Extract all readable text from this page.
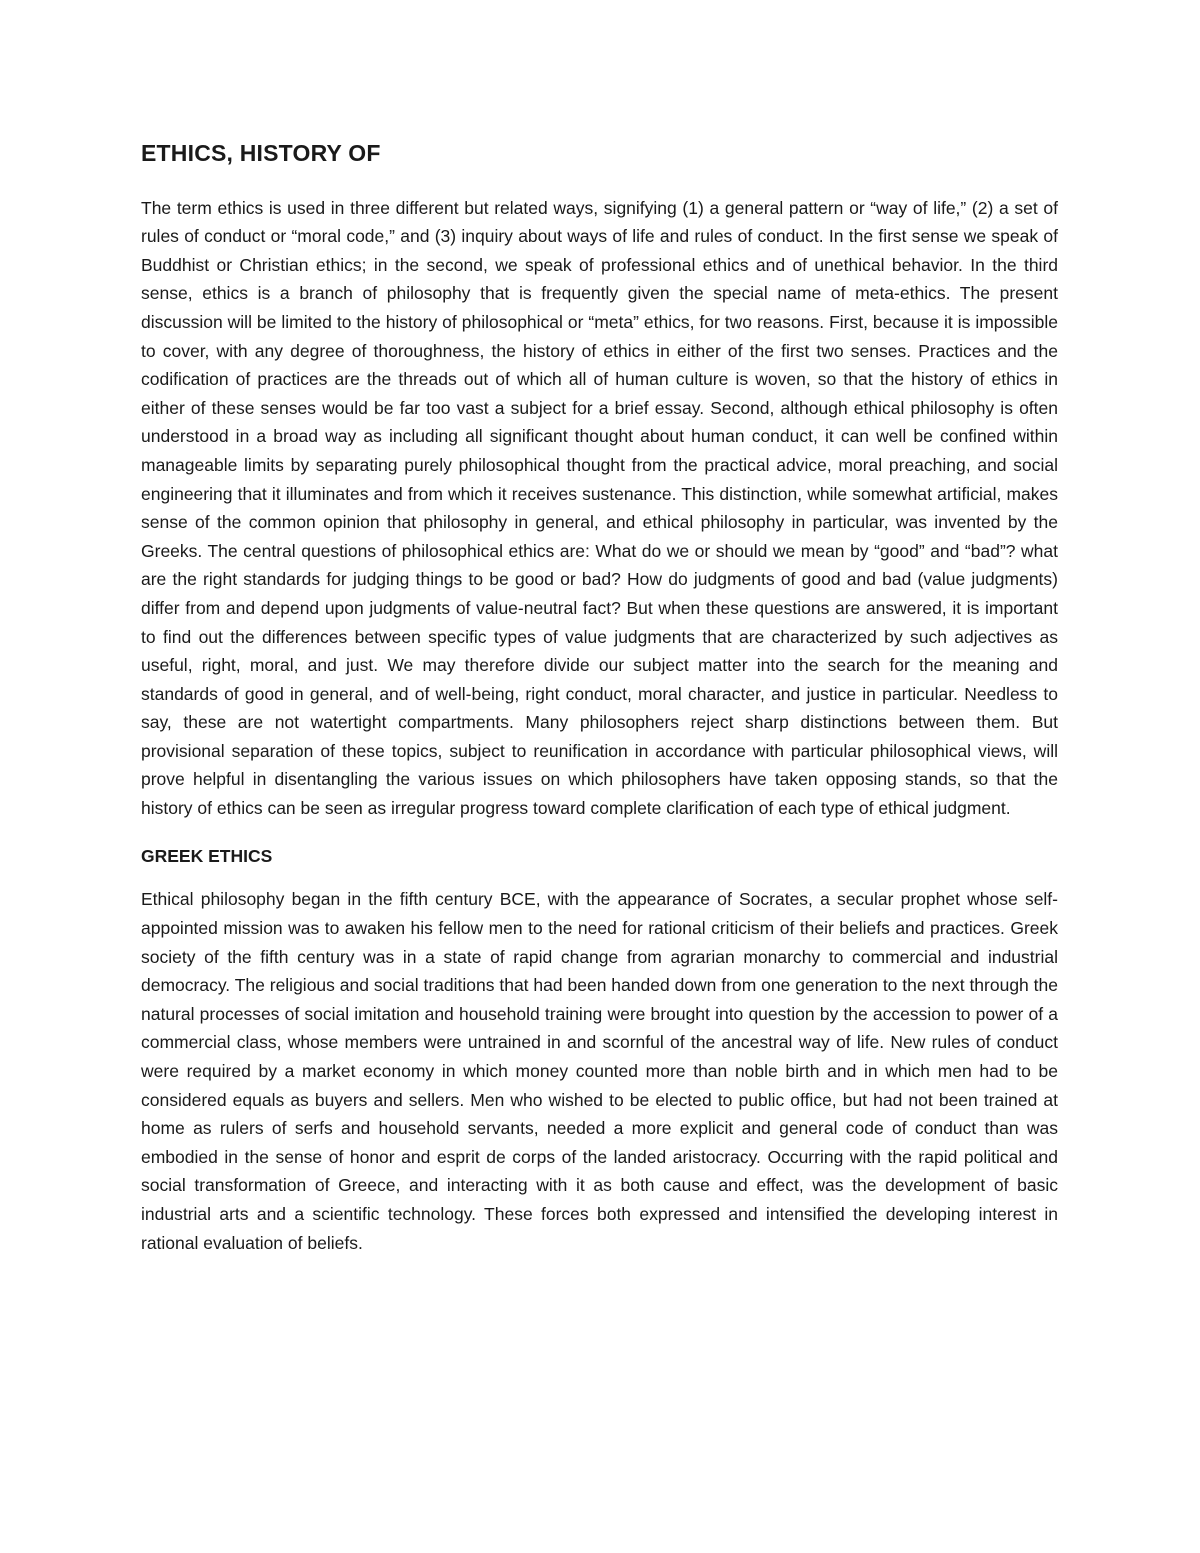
ETHICS, HISTORY OF

The term ethics is used in three different but related ways, signifying (1) a general pattern or “way of life,” (2) a set of rules of conduct or “moral code,” and (3) inquiry about ways of life and rules of conduct. In the first sense we speak of Buddhist or Christian ethics; in the second, we speak of professional ethics and of unethical behavior. In the third sense, ethics is a branch of philosophy that is frequently given the special name of meta-ethics. The present discussion will be limited to the history of philosophical or “meta” ethics, for two reasons. First, because it is impossible to cover, with any degree of thoroughness, the history of ethics in either of the first two senses. Practices and the codification of practices are the threads out of which all of human culture is woven, so that the history of ethics in either of these senses would be far too vast a subject for a brief essay. Second, although ethical philosophy is often understood in a broad way as including all significant thought about human conduct, it can well be confined within manageable limits by separating purely philosophical thought from the practical advice, moral preaching, and social engineering that it illuminates and from which it receives sustenance. This distinction, while somewhat artificial, makes sense of the common opinion that philosophy in general, and ethical philosophy in particular, was invented by the Greeks. The central questions of philosophical ethics are: What do we or should we mean by “good” and “bad”? what are the right standards for judging things to be good or bad? How do judgments of good and bad (value judgments) differ from and depend upon judgments of value-neutral fact? But when these questions are answered, it is important to find out the differences between specific types of value judgments that are characterized by such adjectives as useful, right, moral, and just. We may therefore divide our subject matter into the search for the meaning and standards of good in general, and of well-being, right conduct, moral character, and justice in particular. Needless to say, these are not watertight compartments. Many philosophers reject sharp distinctions between them. But provisional separation of these topics, subject to reunification in accordance with particular philosophical views, will prove helpful in disentangling the various issues on which philosophers have taken opposing stands, so that the history of ethics can be seen as irregular progress toward complete clarification of each type of ethical judgment.

GREEK ETHICS

Ethical philosophy began in the fifth century BCE, with the appearance of Socrates, a secular prophet whose self-appointed mission was to awaken his fellow men to the need for rational criticism of their beliefs and practices. Greek society of the fifth century was in a state of rapid change from agrarian monarchy to commercial and industrial democracy. The religious and social traditions that had been handed down from one generation to the next through the natural processes of social imitation and household training were brought into question by the accession to power of a commercial class, whose members were untrained in and scornful of the ancestral way of life. New rules of conduct were required by a market economy in which money counted more than noble birth and in which men had to be considered equals as buyers and sellers. Men who wished to be elected to public office, but had not been trained at home as rulers of serfs and household servants, needed a more explicit and general code of conduct than was embodied in the sense of honor and esprit de corps of the landed aristocracy. Occurring with the rapid political and social transformation of Greece, and interacting with it as both cause and effect, was the development of basic industrial arts and a scientific technology. These forces both expressed and intensified the developing interest in rational evaluation of beliefs.
